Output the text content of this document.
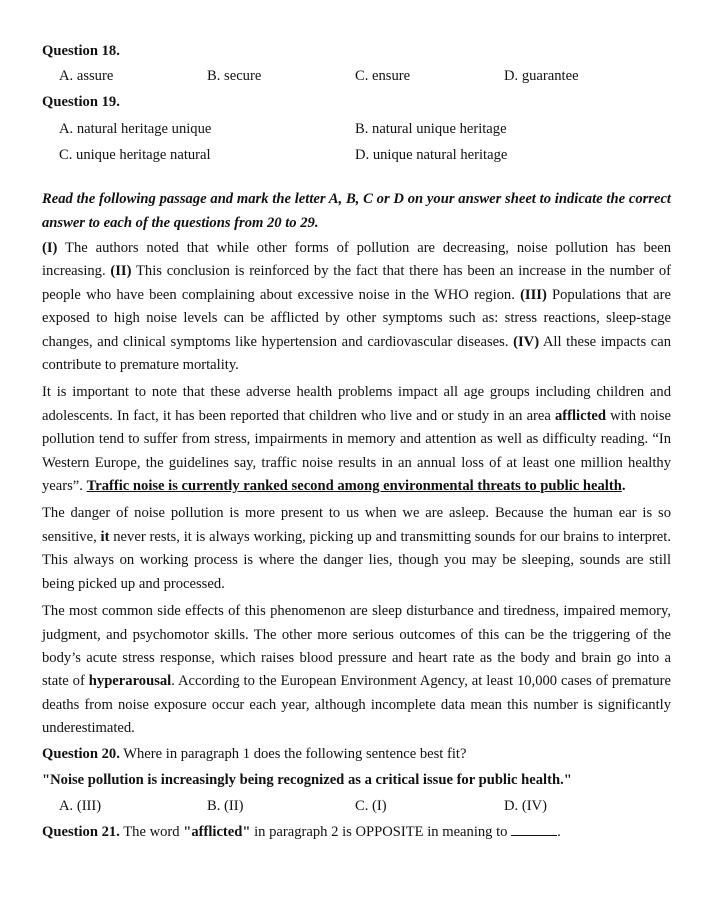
Question 18.
A. assure	B. secure	C. ensure	D. guarantee
Question 19.
A. natural heritage unique	B. natural unique heritage
C. unique heritage natural	D. unique natural heritage
Read the following passage and mark the letter A, B, C or D on your answer sheet to indicate the correct answer to each of the questions from 20 to 29.
(I) The authors noted that while other forms of pollution are decreasing, noise pollution has been increasing. (II) This conclusion is reinforced by the fact that there has been an increase in the number of people who have been complaining about excessive noise in the WHO region. (III) Populations that are exposed to high noise levels can be afflicted by other symptoms such as: stress reactions, sleep-stage changes, and clinical symptoms like hypertension and cardiovascular diseases. (IV) All these impacts can contribute to premature mortality.
It is important to note that these adverse health problems impact all age groups including children and adolescents. In fact, it has been reported that children who live and or study in an area afflicted with noise pollution tend to suffer from stress, impairments in memory and attention as well as difficulty reading. “In Western Europe, the guidelines say, traffic noise results in an annual loss of at least one million healthy years”. Traffic noise is currently ranked second among environmental threats to public health.
The danger of noise pollution is more present to us when we are asleep. Because the human ear is so sensitive, it never rests, it is always working, picking up and transmitting sounds for our brains to interpret. This always on working process is where the danger lies, though you may be sleeping, sounds are still being picked up and processed.
The most common side effects of this phenomenon are sleep disturbance and tiredness, impaired memory, judgment, and psychomotor skills. The other more serious outcomes of this can be the triggering of the body’s acute stress response, which raises blood pressure and heart rate as the body and brain go into a state of hyperarousal. According to the European Environment Agency, at least 10,000 cases of premature deaths from noise exposure occur each year, although incomplete data mean this number is significantly underestimated.
Question 20. Where in paragraph 1 does the following sentence best fit?
"Noise pollution is increasingly being recognized as a critical issue for public health."
A. (III)	B. (II)	C. (I)	D. (IV)
Question 21. The word "afflicted" in paragraph 2 is OPPOSITE in meaning to	.
